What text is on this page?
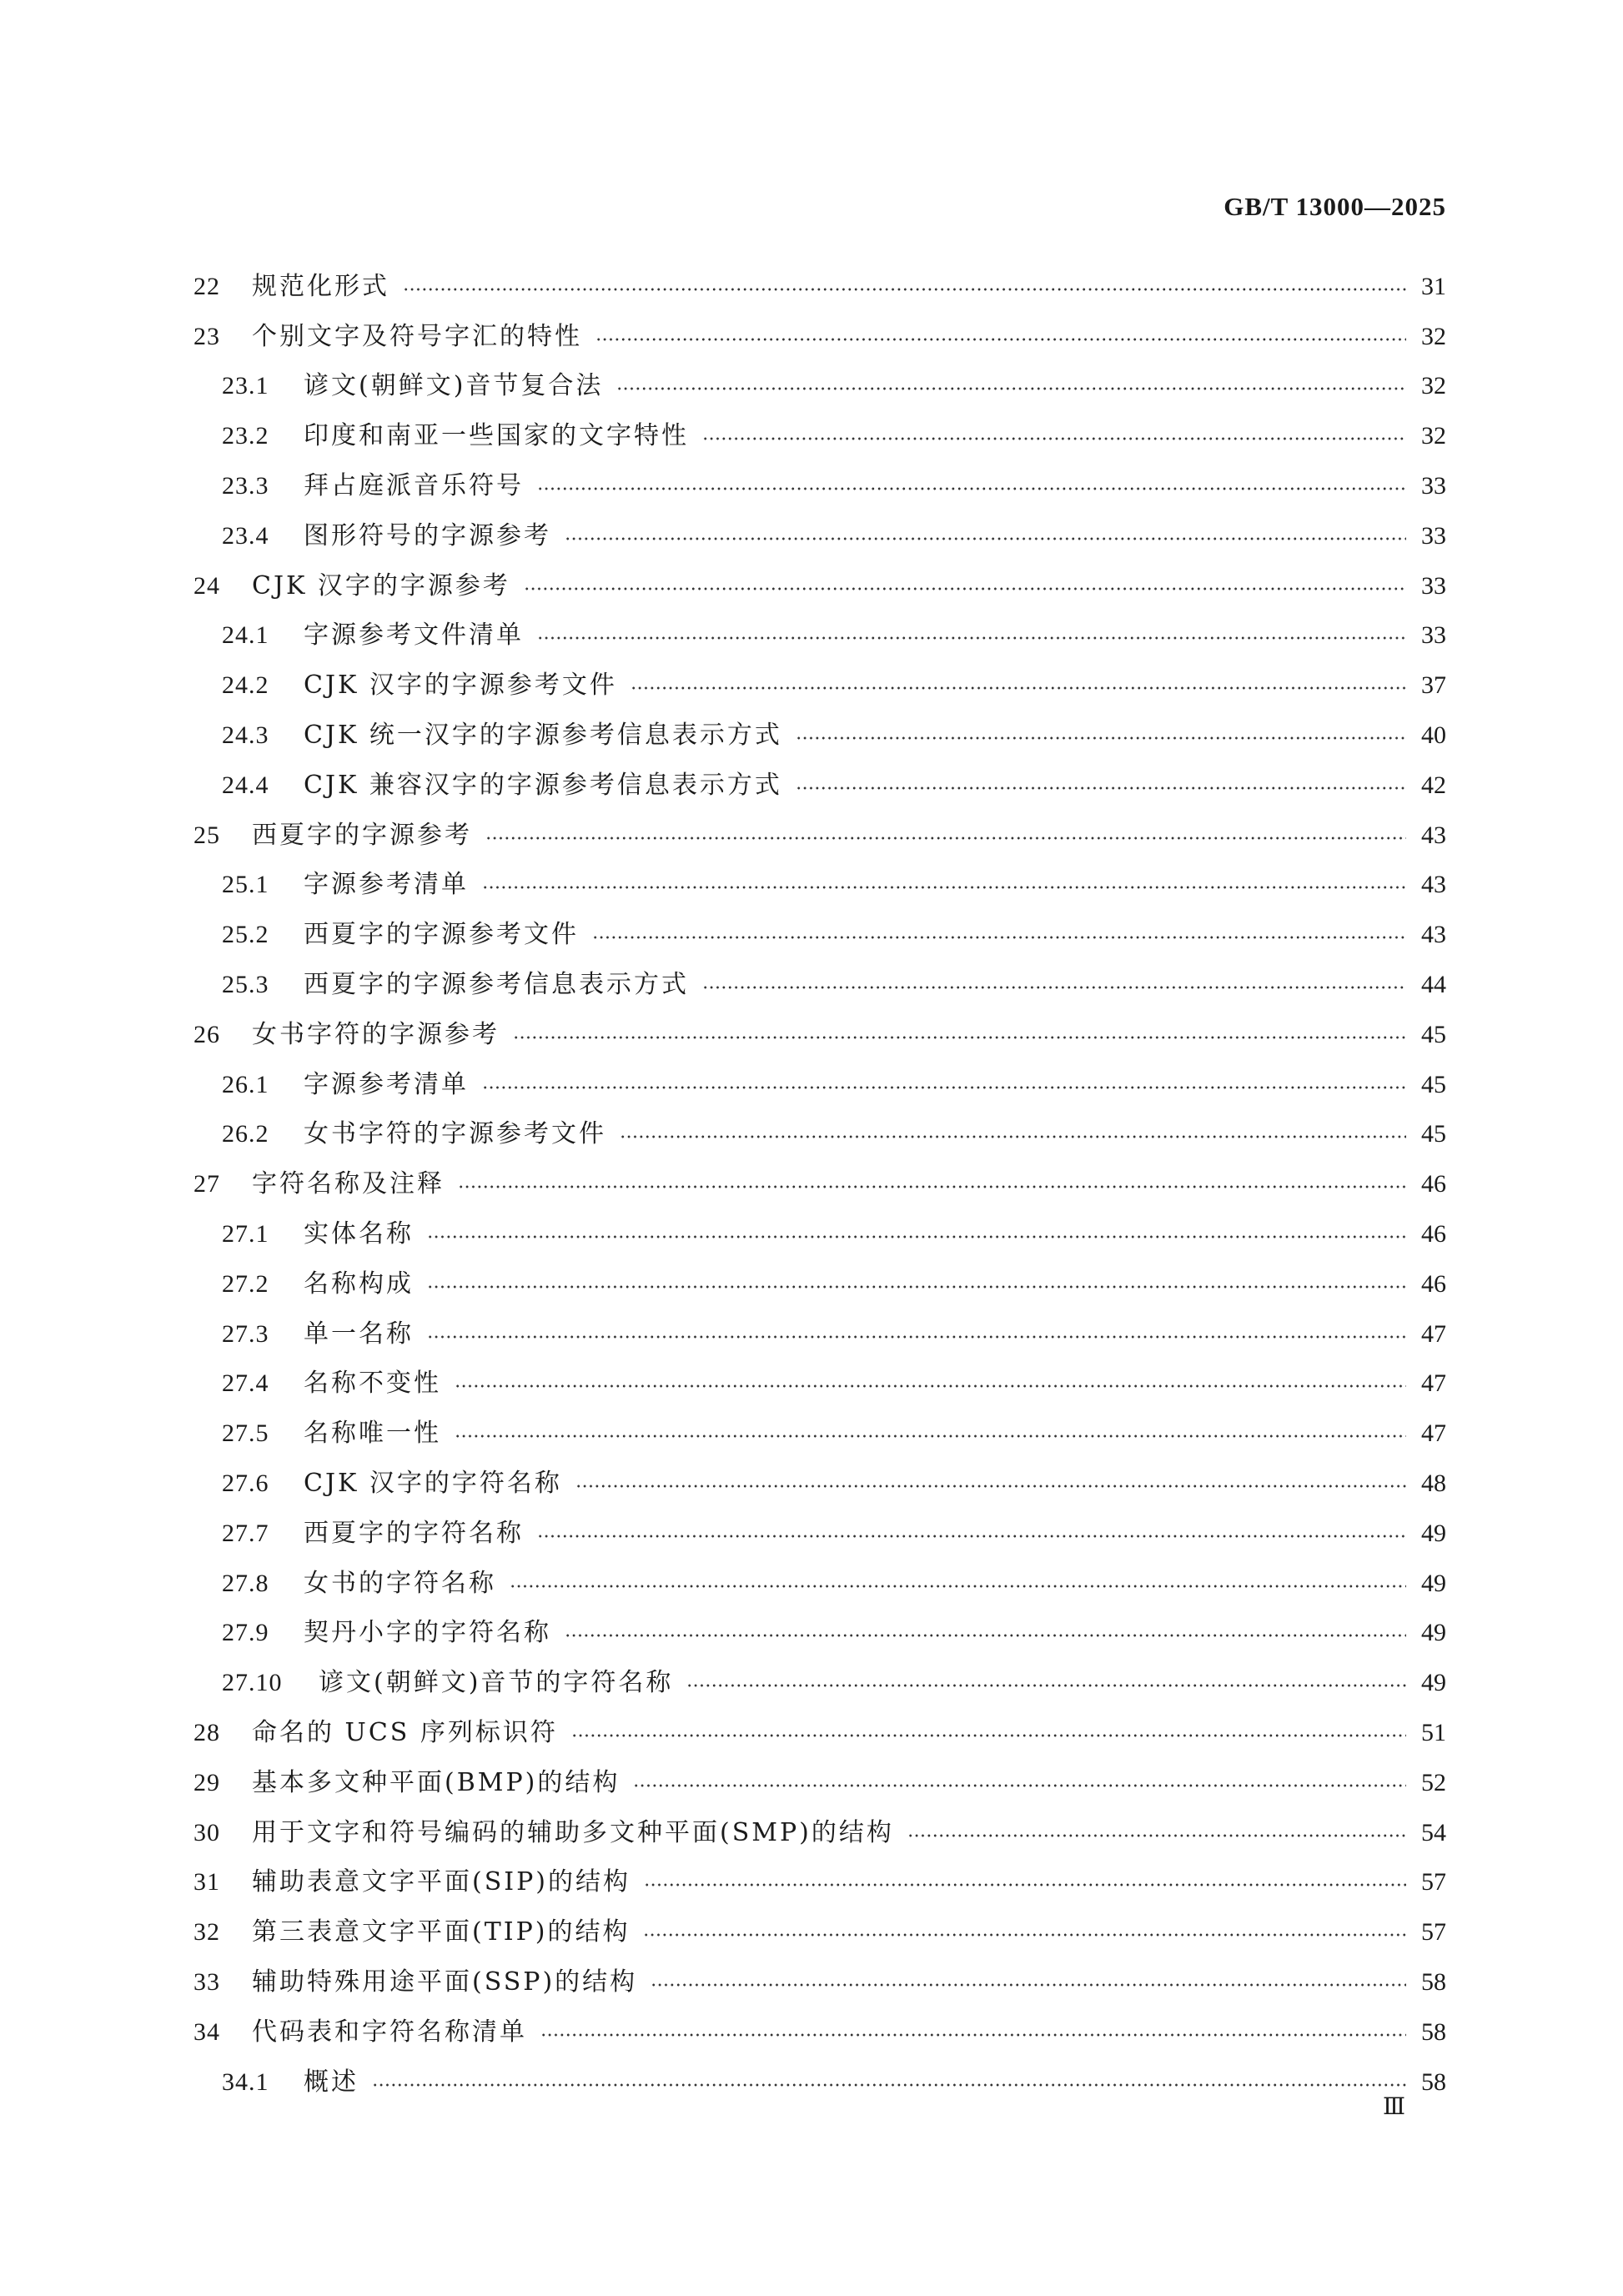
GB/T 13000—2025
22	规范化形式	31
23	个别文字及符号字汇的特性	32
23.1	谚文(朝鲜文)音节复合法	32
23.2	印度和南亚一些国家的文字特性	32
23.3	拜占庭派音乐符号	33
23.4	图形符号的字源参考	33
24	CJK 汉字的字源参考	33
24.1	字源参考文件清单	33
24.2	CJK 汉字的字源参考文件	37
24.3	CJK 统一汉字的字源参考信息表示方式	40
24.4	CJK 兼容汉字的字源参考信息表示方式	42
25	西夏字的字源参考	43
25.1	字源参考清单	43
25.2	西夏字的字源参考文件	43
25.3	西夏字的字源参考信息表示方式	44
26	女书字符的字源参考	45
26.1	字源参考清单	45
26.2	女书字符的字源参考文件	45
27	字符名称及注释	46
27.1	实体名称	46
27.2	名称构成	46
27.3	单一名称	47
27.4	名称不变性	47
27.5	名称唯一性	47
27.6	CJK 汉字的字符名称	48
27.7	西夏字的字符名称	49
27.8	女书的字符名称	49
27.9	契丹小字的字符名称	49
27.10	谚文(朝鲜文)音节的字符名称	49
28	命名的 UCS 序列标识符	51
29	基本多文种平面(BMP)的结构	52
30	用于文字和符号编码的辅助多文种平面(SMP)的结构	54
31	辅助表意文字平面(SIP)的结构	57
32	第三表意文字平面(TIP)的结构	57
33	辅助特殊用途平面(SSP)的结构	58
34	代码表和字符名称清单	58
34.1	概述	58
Ⅲ
